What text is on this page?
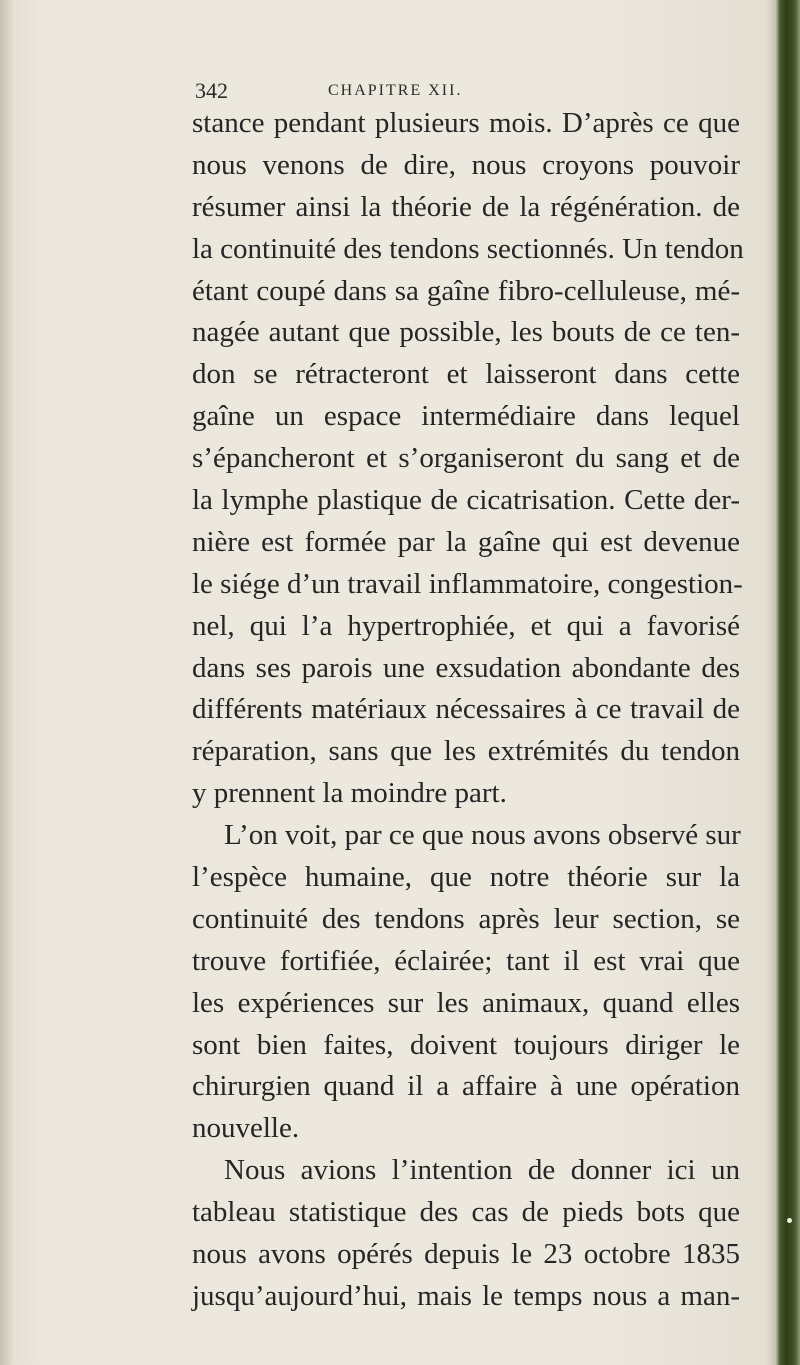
342	CHAPITRE XII.
stance pendant plusieurs mois. D’après ce que
nous venons de dire, nous croyons pouvoir
résumer ainsi la théorie de la régénération. de
la continuité des tendons sectionnés. Un tendon
étant coupé dans sa gaîne fibro-celluleuse, mé-
nagée autant que possible, les bouts de ce ten-
don se rétracteront et laisseront dans cette
gaîne un espace intermédiaire dans lequel
s’épancheront et s’organiseront du sang et de
la lymphe plastique de cicatrisation. Cette der-
nière est formée par la gaîne qui est devenue
le siége d’un travail inflammatoire, congestion-
nel, qui l’a hypertrophiée, et qui a favorisé
dans ses parois une exsudation abondante des
différents matériaux nécessaires à ce travail de
réparation, sans que les extrémités du tendon
y prennent la moindre part.
L’on voit, par ce que nous avons observé sur
l’espèce humaine, que notre théorie sur la
continuité des tendons après leur section, se
trouve fortifiée, éclairée; tant il est vrai que
les expériences sur les animaux, quand elles
sont bien faites, doivent toujours diriger le
chirurgien quand il a affaire à une opération
nouvelle.
Nous avions l’intention de donner ici un
tableau statistique des cas de pieds bots que
nous avons opérés depuis le 23 octobre 1835
jusqu’aujourd’hui, mais le temps nous a man-
